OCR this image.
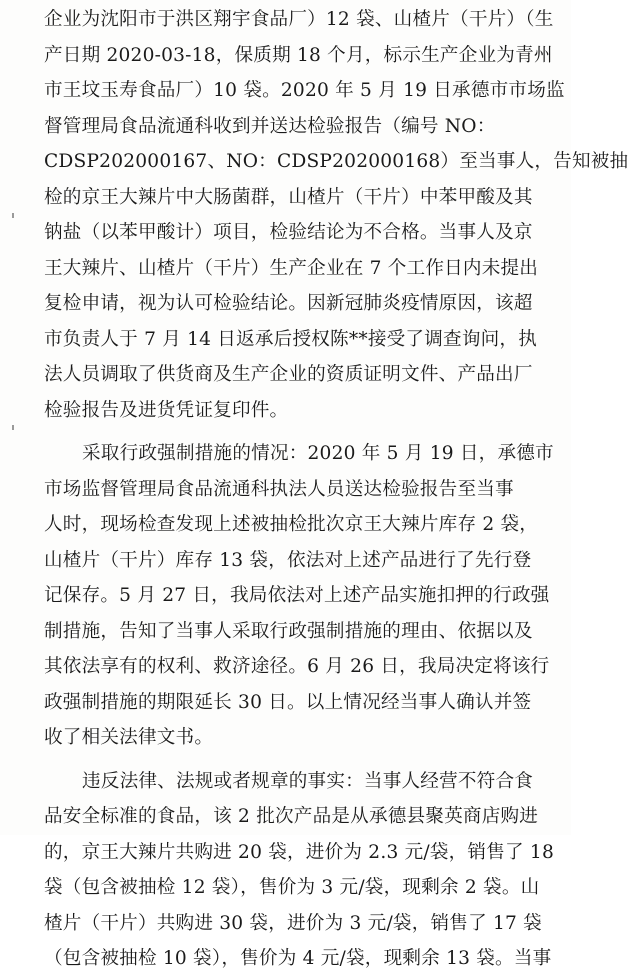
企业为沈阳市于洪区翔宇食品厂）12 袋、山楂片（干片）（生
产日期 2020-03-18，保质期 18 个月，标示生产企业为青州
市王坟玉寿食品厂）10 袋。2020 年 5 月 19 日承德市市场监
督管理局食品流通科收到并送达检验报告（编号 NO：
CDSP202000167、NO：CDSP202000168）至当事人，告知被抽
检的京王大辣片中大肠菌群，山楂片（干片）中苯甲酸及其
钠盐（以苯甲酸计）项目，检验结论为不合格。当事人及京
王大辣片、山楂片（干片）生产企业在 7 个工作日内未提出
复检申请，视为认可检验结论。因新冠肺炎疫情原因，该超
市负责人于 7 月 14 日返承后授权陈**接受了调查询问，执
法人员调取了供货商及生产企业的资质证明文件、产品出厂
检验报告及进货凭证复印件。
采取行政强制措施的情况：2020 年 5 月 19 日，承德市
市场监督管理局食品流通科执法人员送达检验报告至当事
人时，现场检查发现上述被抽检批次京王大辣片库存 2 袋，
山楂片（干片）库存 13 袋，依法对上述产品进行了先行登
记保存。5 月 27 日，我局依法对上述产品实施扣押的行政强
制措施，告知了当事人采取行政强制措施的理由、依据以及
其依法享有的权利、救济途径。6 月 26 日，我局决定将该行
政强制措施的期限延长 30 日。以上情况经当事人确认并签
收了相关法律文书。
违反法律、法规或者规章的事实：当事人经营不符合食
品安全标准的食品，该 2 批次产品是从承德县聚英商店购进
的，京王大辣片共购进 20 袋，进价为 2.3 元/袋，销售了 18
袋（包含被抽检 12 袋），售价为 3 元/袋，现剩余 2 袋。山
楂片（干片）共购进 30 袋，进价为 3 元/袋，销售了 17 袋
（包含被抽检 10 袋），售价为 4 元/袋，现剩余 13 袋。当事
